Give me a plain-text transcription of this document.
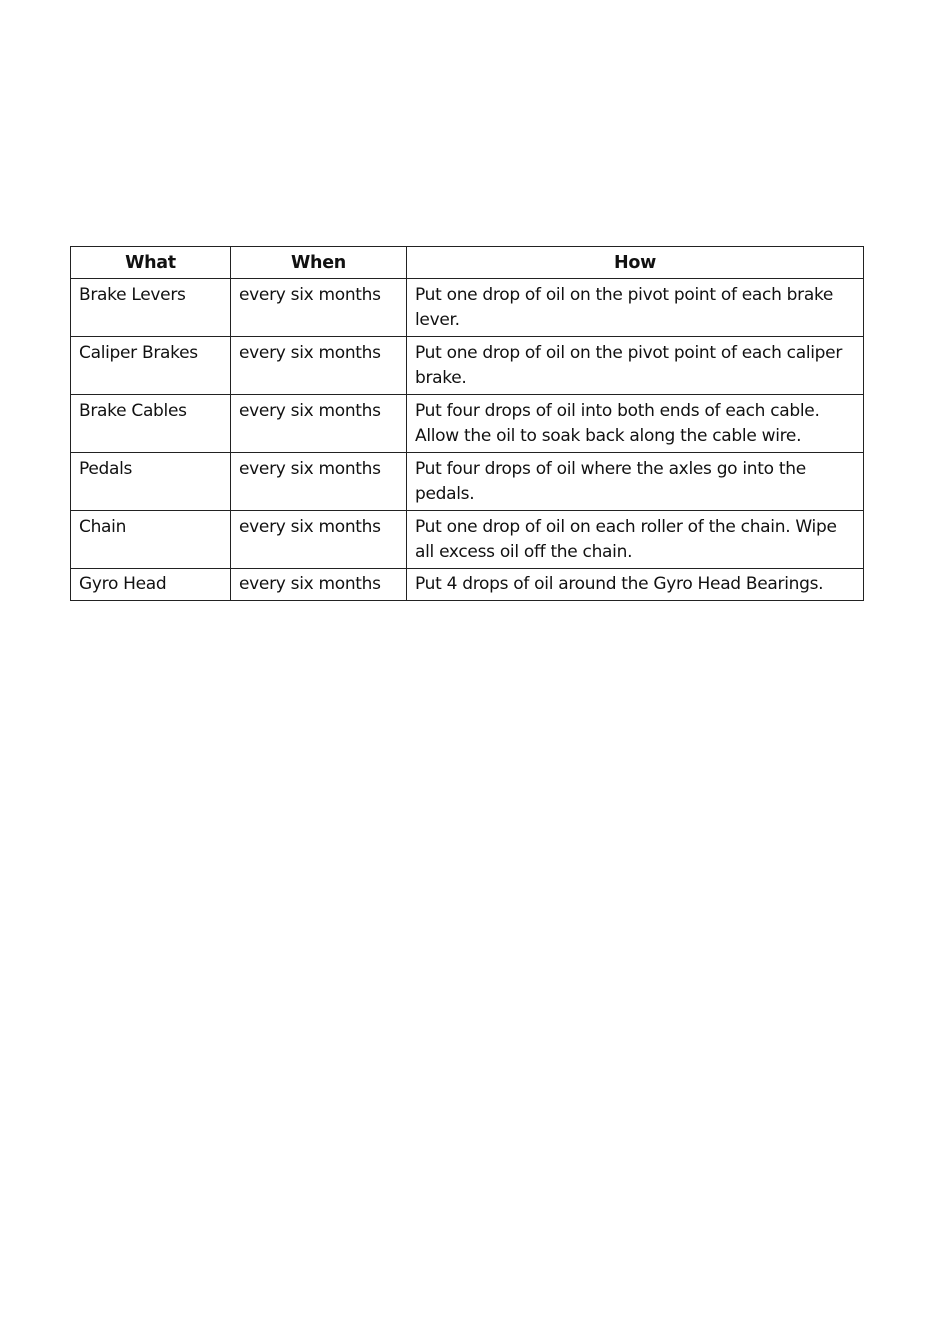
What	When	How
Brake Levers	every six months	Put one drop of oil on the pivot point of each brake lever.
Caliper Brakes	every six months	Put one drop of oil on the pivot point of each caliper brake.
Brake Cables	every six months	Put four drops of oil into both ends of each cable. Allow the oil to soak back along the cable wire.
Pedals	every six months	Put four drops of oil where the axles go into the pedals.
Chain	every six months	Put one drop of oil on each roller of the chain. Wipe all excess oil off the chain.
Gyro Head	every six months	Put 4 drops of oil around the Gyro Head Bearings.
